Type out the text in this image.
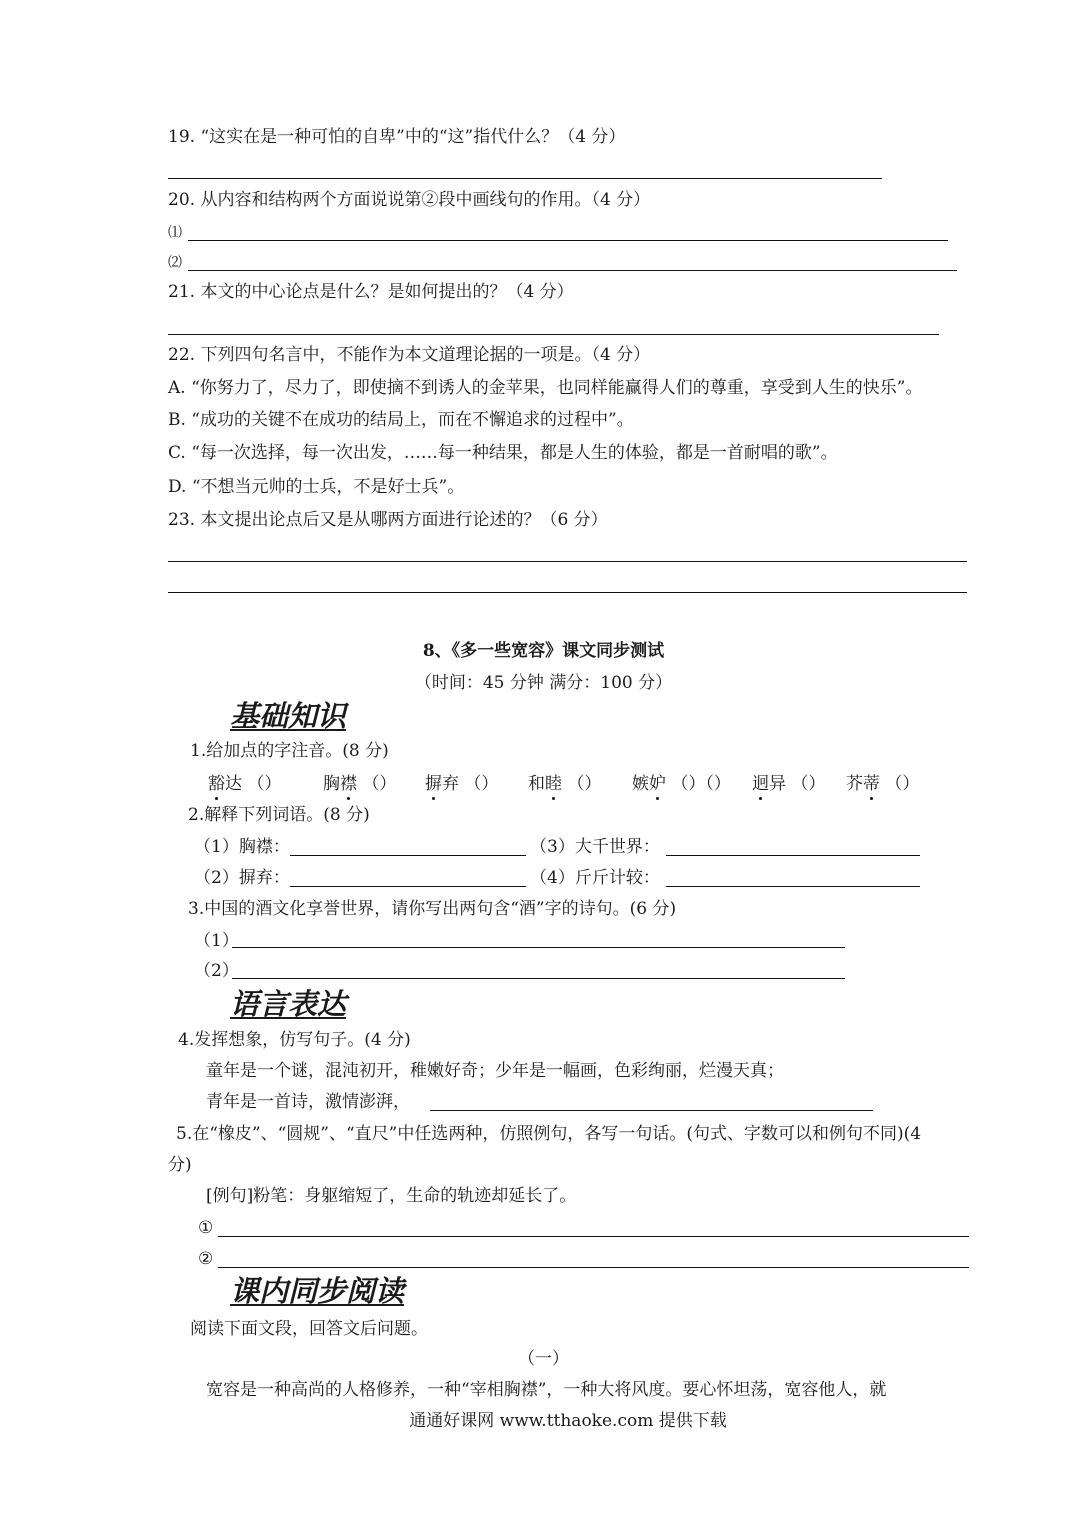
19. “这实在是一种可怕的自卑”中的“这”指代什么？（4 分）
20. 从内容和结构两个方面说说第②段中画线句的作用。（4 分）
⑴
⑵
21. 本文的中心论点是什么？是如何提出的？（4 分）
22. 下列四句名言中，不能作为本文道理论据的一项是。（4 分）
A. “你努力了，尽力了，即使摘不到诱人的金苹果，也同样能赢得人们的尊重，享受到人生的快乐”。
B. “成功的关键不在成功的结局上，而在不懈追求的过程中”。
C. “每一次选择，每一次出发，……每一种结果，都是人生的体验，都是一首耐唱的歌”。
D. “不想当元帅的士兵，不是好士兵”。
23. 本文提出论点后又是从哪两方面进行论述的？（6 分）
8、《多一些宽容》课文同步测试
（时间：45 分钟 满分：100 分）
基础知识
1.给加点的字注音。(8 分)
豁达 （） 胸襟 （） 摒弃 （） 和睦 （） 嫉妒 （）（） 迥异 （） 芥蒂 （）
2.解释下列词语。(8 分)
（1）胸襟：	（3）大千世界：
（2）摒弃：	（4）斤斤计较：
3.中国的酒文化享誉世界，请你写出两句含“酒”字的诗句。(6 分)
（1）
（2）
语言表达
4.发挥想象，仿写句子。(4 分)
童年是一个谜，混沌初开，稚嫩好奇；少年是一幅画，色彩绚丽，烂漫天真；
青年是一首诗，激情澎湃，
5.在“橡皮”、“圆规”、“直尺”中任选两种，仿照例句，各写一句话。(句式、字数可以和例句不同)(4
分)
[例句]粉笔：身躯缩短了，生命的轨迹却延长了。
①
②
课内同步阅读
阅读下面文段，回答文后问题。
（一）
宽容是一种高尚的人格修养，一种“宰相胸襟”，一种大将风度。要心怀坦荡，宽容他人，就
通通好课网 www.tthaoke.com 提供下载
